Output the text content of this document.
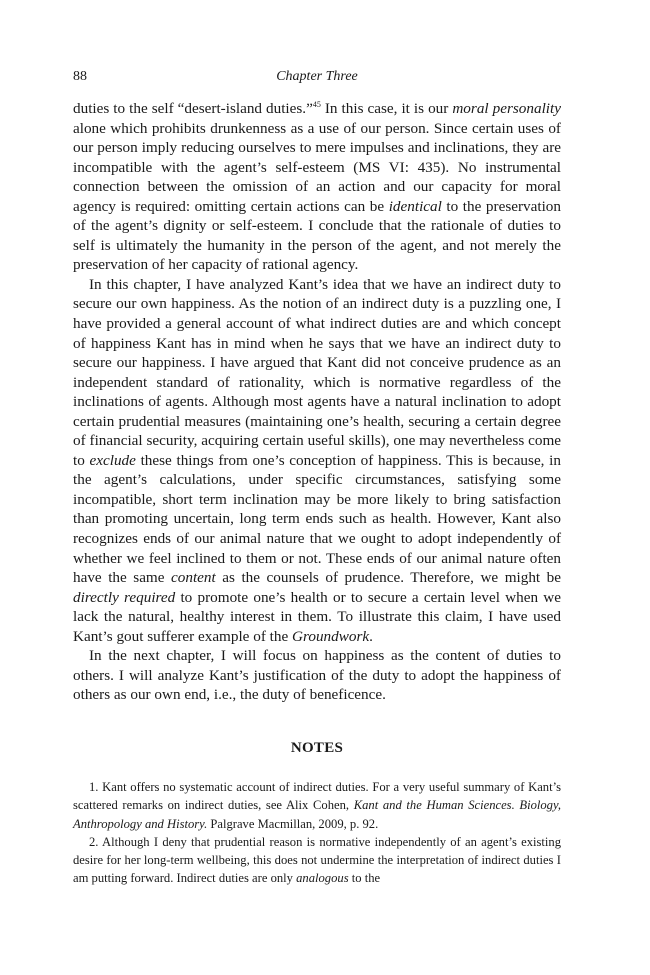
88	Chapter Three

duties to the self “desert-island duties.”$^{45}$ In this case, it is our moral personality alone which prohibits drunkenness as a use of our person. Since certain uses of our person imply reducing ourselves to mere impulses and inclinations, they are incompatible with the agent’s self-esteem (MS VI: 435). No instrumental connection between the omission of an action and our capacity for moral agency is required: omitting certain actions can be identical to the preservation of the agent’s dignity or self-esteem. I conclude that the rationale of duties to self is ultimately the humanity in the person of the agent, and not merely the preservation of her capacity of rational agency.

In this chapter, I have analyzed Kant’s idea that we have an indirect duty to secure our own happiness. As the notion of an indirect duty is a puzzling one, I have provided a general account of what indirect duties are and which concept of happiness Kant has in mind when he says that we have an indirect duty to secure our happiness. I have argued that Kant did not conceive prudence as an independent standard of rationality, which is normative regardless of the inclinations of agents. Although most agents have a natural inclination to adopt certain prudential measures (maintaining one’s health, securing a certain degree of financial security, acquiring certain useful skills), one may nevertheless come to exclude these things from one’s conception of happiness. This is because, in the agent’s calculations, under specific circumstances, satisfying some incompatible, short term inclination may be more likely to bring satisfaction than promoting uncertain, long term ends such as health. However, Kant also recognizes ends of our animal nature that we ought to adopt independently of whether we feel inclined to them or not. These ends of our animal nature often have the same content as the counsels of prudence. Therefore, we might be directly required to promote one’s health or to secure a certain level when we lack the natural, healthy interest in them. To illustrate this claim, I have used Kant’s gout sufferer example of the Groundwork.

In the next chapter, I will focus on happiness as the content of duties to others. I will analyze Kant’s justification of the duty to adopt the happiness of others as our own end, i.e., the duty of beneficence.

NOTES

1. Kant offers no systematic account of indirect duties. For a very useful summary of Kant’s scattered remarks on indirect duties, see Alix Cohen, Kant and the Human Sciences. Biology, Anthropology and History. Palgrave Macmillan, 2009, p. 92.

2. Although I deny that prudential reason is normative independently of an agent’s existing desire for her long-term wellbeing, this does not undermine the interpretation of indirect duties I am putting forward. Indirect duties are only analogous to the
